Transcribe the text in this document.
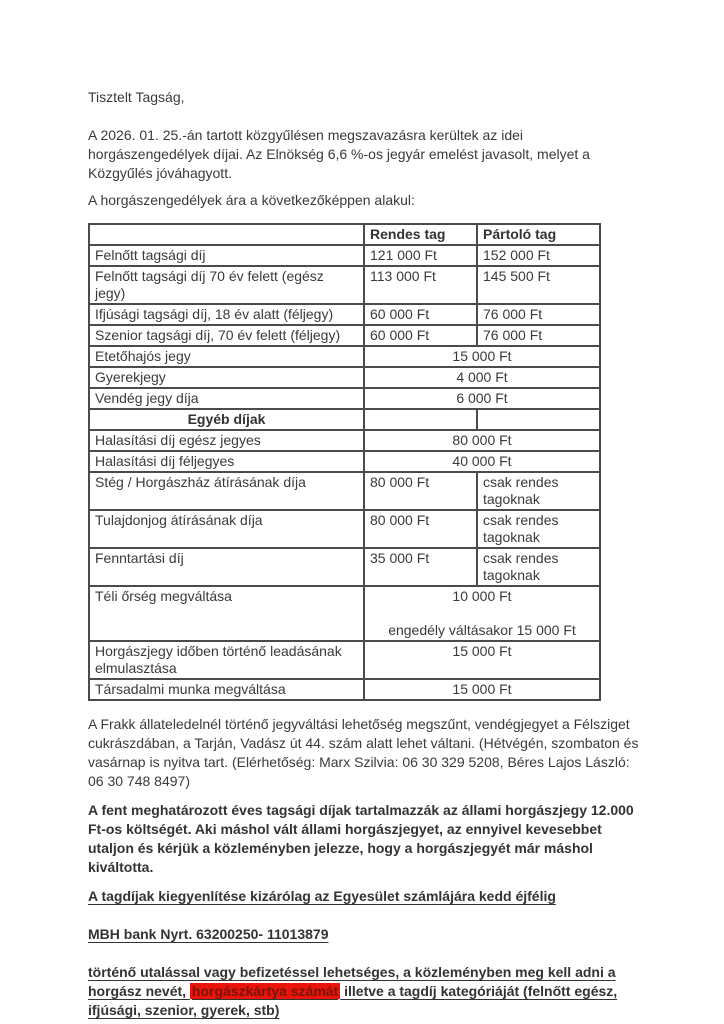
Tisztelt Tagság,

A 2026. 01. 25.-án tartott közgyűlésen megszavazásra kerültek az idei horgászengedélyek díjai. Az Elnökség 6,6 %-os jegyár emelést javasolt, melyet a Közgyűlés jóváhagyott.

A horgászengedélyek ára a következőképpen alakul:

	Rendes tag	Pártoló tag
Felnőtt tagsági díj	121 000 Ft	152 000 Ft
Felnőtt tagsági díj 70 év felett (egész jegy)	113 000 Ft	145 500 Ft
Ifjúsági tagsági díj, 18 év alatt (féljegy)	60 000 Ft	76 000 Ft
Szenior tagsági díj, 70 év felett (féljegy)	60 000 Ft	76 000 Ft
Etetőhajós jegy	15 000 Ft	
Gyerekjegy	4 000 Ft	
Vendég jegy díja	6 000 Ft	
Egyéb díjak		
Halasítási díj egész jegyes	80 000 Ft	
Halasítási díj féljegyes	40 000 Ft	
Stég / Horgászház átírásának díja	80 000 Ft	csak rendes tagoknak
Tulajdonjog átírásának díja	80 000 Ft	csak rendes tagoknak
Fenntartási díj	35 000 Ft	csak rendes tagoknak
Téli őrség megváltása	10 000 Ft
engedély váltásakor 15 000 Ft	

Horgászjegy időben történő leadásának elmulasztása	15 000 Ft	
Társadalmi munka megváltása	15 000 Ft	

A Frakk állateledelnél történő jegyváltási lehetőség megszűnt, vendégjegyet a Félsziget cukrászdában, a Tarján, Vadász út 44. szám alatt lehet váltani. (Hétvégén, szombaton és vasárnap is nyitva tart. (Elérhetőség: Marx Szilvia: 06 30 329 5208, Béres Lajos László: 06 30 748 8497)

A fent meghatározott éves tagsági díjak tartalmazzák az állami horgászjegy 12.000 Ft-os költségét. Aki máshol vált állami horgászjegyet, az ennyivel kevesebbet utaljon és kérjük a közleményben jelezze, hogy a horgászjegyét már máshol kiváltotta.

A tagdíjak kiegyenlítése kizárólag az Egyesület számlájára kedd éjfélig

MBH bank Nyrt. 63200250- 11013879

történő utalással vagy befizetéssel lehetséges, a közleményben meg kell adni a horgász nevét, horgászkártya számát illetve a tagdíj kategóriáját (felnőtt egész, ifjúsági, szenior, gyerek, stb)
